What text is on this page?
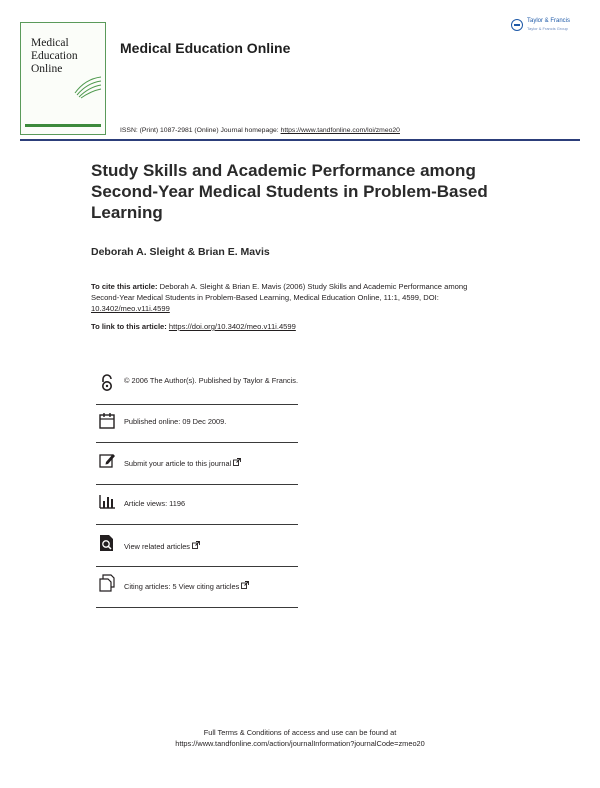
Medical
Education
Online
Medical Education Online
ISSN: (Print) 1087-2981 (Online) Journal homepage: https://www.tandfonline.com/loi/zmeo20
Taylor & Francis
Taylor & Francis Group
Study Skills and Academic Performance among Second-Year Medical Students in Problem-Based Learning
Deborah A. Sleight & Brian E. Mavis
To cite this article: Deborah A. Sleight & Brian E. Mavis (2006) Study Skills and Academic Performance among Second-Year Medical Students in Problem-Based Learning, Medical Education Online, 11:1, 4599, DOI: 10.3402/meo.v11i.4599
To link to this article: https://doi.org/10.3402/meo.v11i.4599
© 2006 The Author(s). Published by Taylor & Francis.
Published online: 09 Dec 2009.
Submit your article to this journal
Article views: 1196
View related articles
Citing articles: 5 View citing articles
Full Terms & Conditions of access and use can be found at
https://www.tandfonline.com/action/journalInformation?journalCode=zmeo20
